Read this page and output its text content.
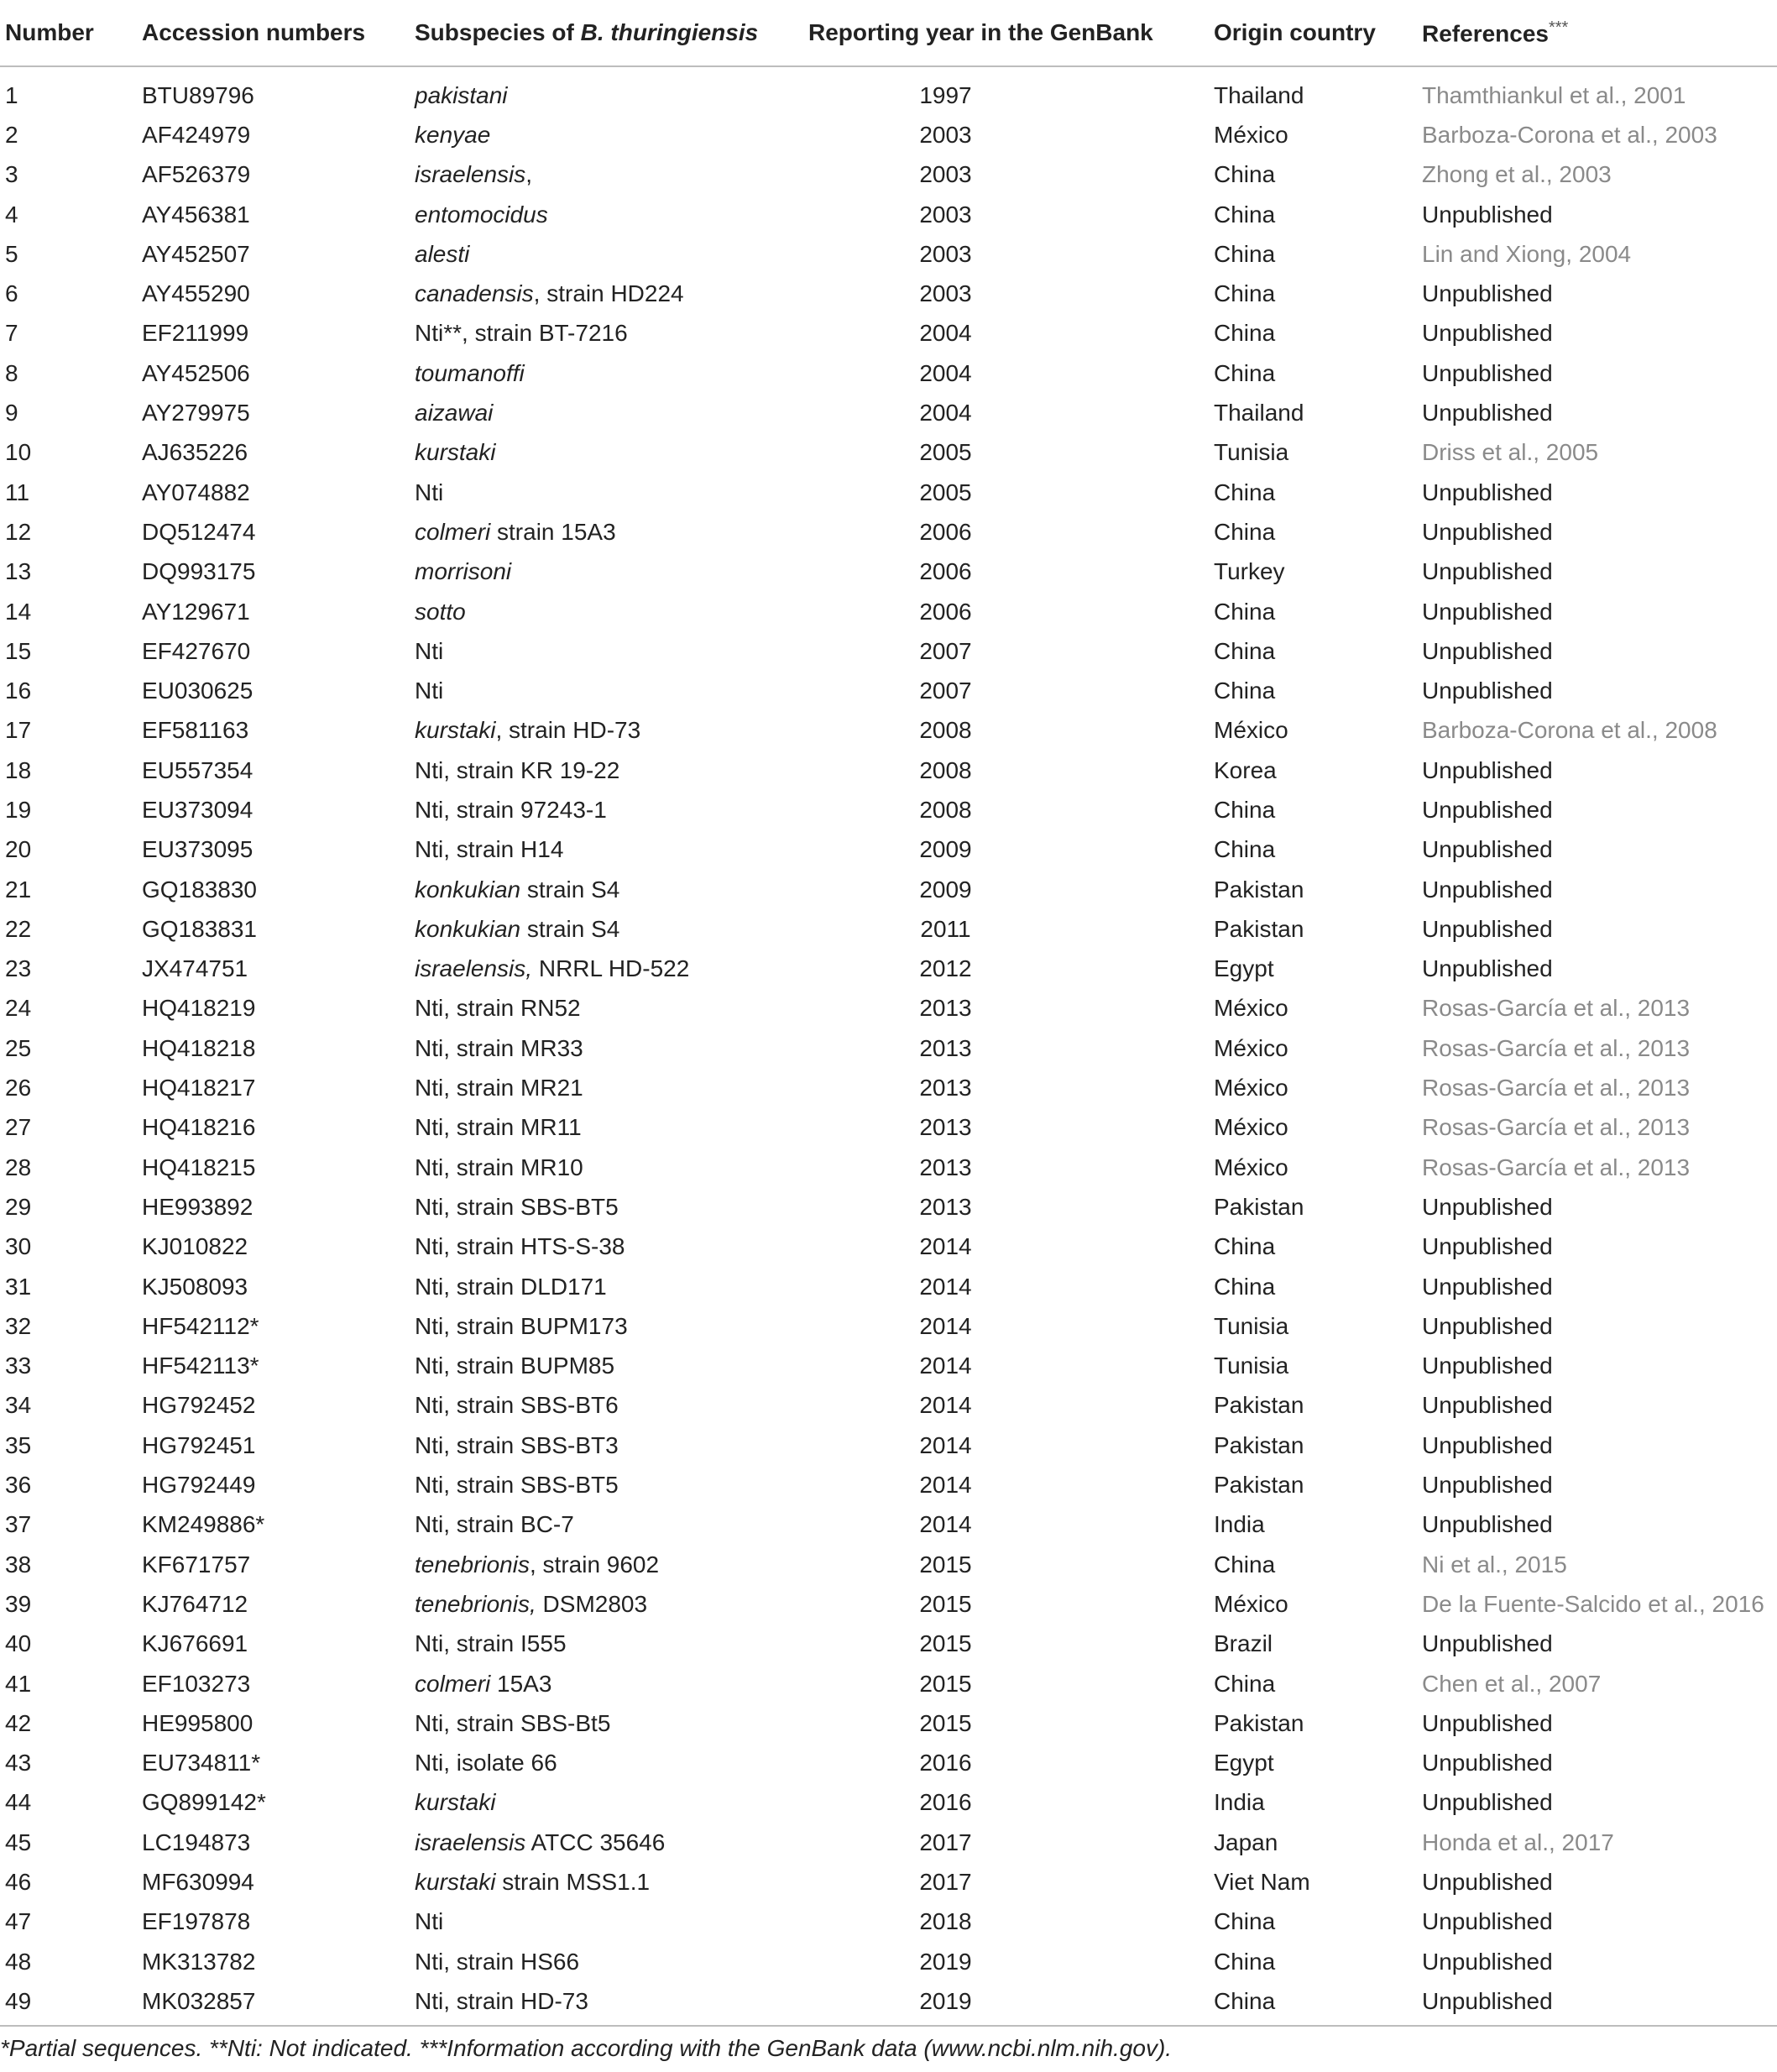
Number	Accession numbers	Subspecies of B. thuringiensis	Reporting year in the GenBank	Origin country	References***
1	BTU89796	pakistani	1997	Thailand	Thamthiankul et al., 2001
2	AF424979	kenyae	2003	México	Barboza-Corona et al., 2003
3	AF526379	israelensis,	2003	China	Zhong et al., 2003
4	AY456381	entomocidus	2003	China	Unpublished
5	AY452507	alesti	2003	China	Lin and Xiong, 2004
6	AY455290	canadensis, strain HD224	2003	China	Unpublished
7	EF211999	Nti**, strain BT-7216	2004	China	Unpublished
8	AY452506	toumanoffi	2004	China	Unpublished
9	AY279975	aizawai	2004	Thailand	Unpublished
10	AJ635226	kurstaki	2005	Tunisia	Driss et al., 2005
11	AY074882	Nti	2005	China	Unpublished
12	DQ512474	colmeri strain 15A3	2006	China	Unpublished
13	DQ993175	morrisoni	2006	Turkey	Unpublished
14	AY129671	sotto	2006	China	Unpublished
15	EF427670	Nti	2007	China	Unpublished
16	EU030625	Nti	2007	China	Unpublished
17	EF581163	kurstaki, strain HD-73	2008	México	Barboza-Corona et al., 2008
18	EU557354	Nti, strain KR 19-22	2008	Korea	Unpublished
19	EU373094	Nti, strain 97243-1	2008	China	Unpublished
20	EU373095	Nti, strain H14	2009	China	Unpublished
21	GQ183830	konkukian strain S4	2009	Pakistan	Unpublished
22	GQ183831	konkukian strain S4	2011	Pakistan	Unpublished
23	JX474751	israelensis, NRRL HD-522	2012	Egypt	Unpublished
24	HQ418219	Nti, strain RN52	2013	México	Rosas-García et al., 2013
25	HQ418218	Nti, strain MR33	2013	México	Rosas-García et al., 2013
26	HQ418217	Nti, strain MR21	2013	México	Rosas-García et al., 2013
27	HQ418216	Nti, strain MR11	2013	México	Rosas-García et al., 2013
28	HQ418215	Nti, strain MR10	2013	México	Rosas-García et al., 2013
29	HE993892	Nti, strain SBS-BT5	2013	Pakistan	Unpublished
30	KJ010822	Nti, strain HTS-S-38	2014	China	Unpublished
31	KJ508093	Nti, strain DLD171	2014	China	Unpublished
32	HF542112*	Nti, strain BUPM173	2014	Tunisia	Unpublished
33	HF542113*	Nti, strain BUPM85	2014	Tunisia	Unpublished
34	HG792452	Nti, strain SBS-BT6	2014	Pakistan	Unpublished
35	HG792451	Nti, strain SBS-BT3	2014	Pakistan	Unpublished
36	HG792449	Nti, strain SBS-BT5	2014	Pakistan	Unpublished
37	KM249886*	Nti, strain BC-7	2014	India	Unpublished
38	KF671757	tenebrionis, strain 9602	2015	China	Ni et al., 2015
39	KJ764712	tenebrionis, DSM2803	2015	México	De la Fuente-Salcido et al., 2016
40	KJ676691	Nti, strain I555	2015	Brazil	Unpublished
41	EF103273	colmeri 15A3	2015	China	Chen et al., 2007
42	HE995800	Nti, strain SBS-Bt5	2015	Pakistan	Unpublished
43	EU734811*	Nti, isolate 66	2016	Egypt	Unpublished
44	GQ899142*	kurstaki	2016	India	Unpublished
45	LC194873	israelensis ATCC 35646	2017	Japan	Honda et al., 2017
46	MF630994	kurstaki strain MSS1.1	2017	Viet Nam	Unpublished
47	EF197878	Nti	2018	China	Unpublished
48	MK313782	Nti, strain HS66	2019	China	Unpublished
49	MK032857	Nti, strain HD-73	2019	China	Unpublished
*Partial sequences. **Nti: Not indicated. ***Information according with the GenBank data (www.ncbi.nlm.nih.gov).
